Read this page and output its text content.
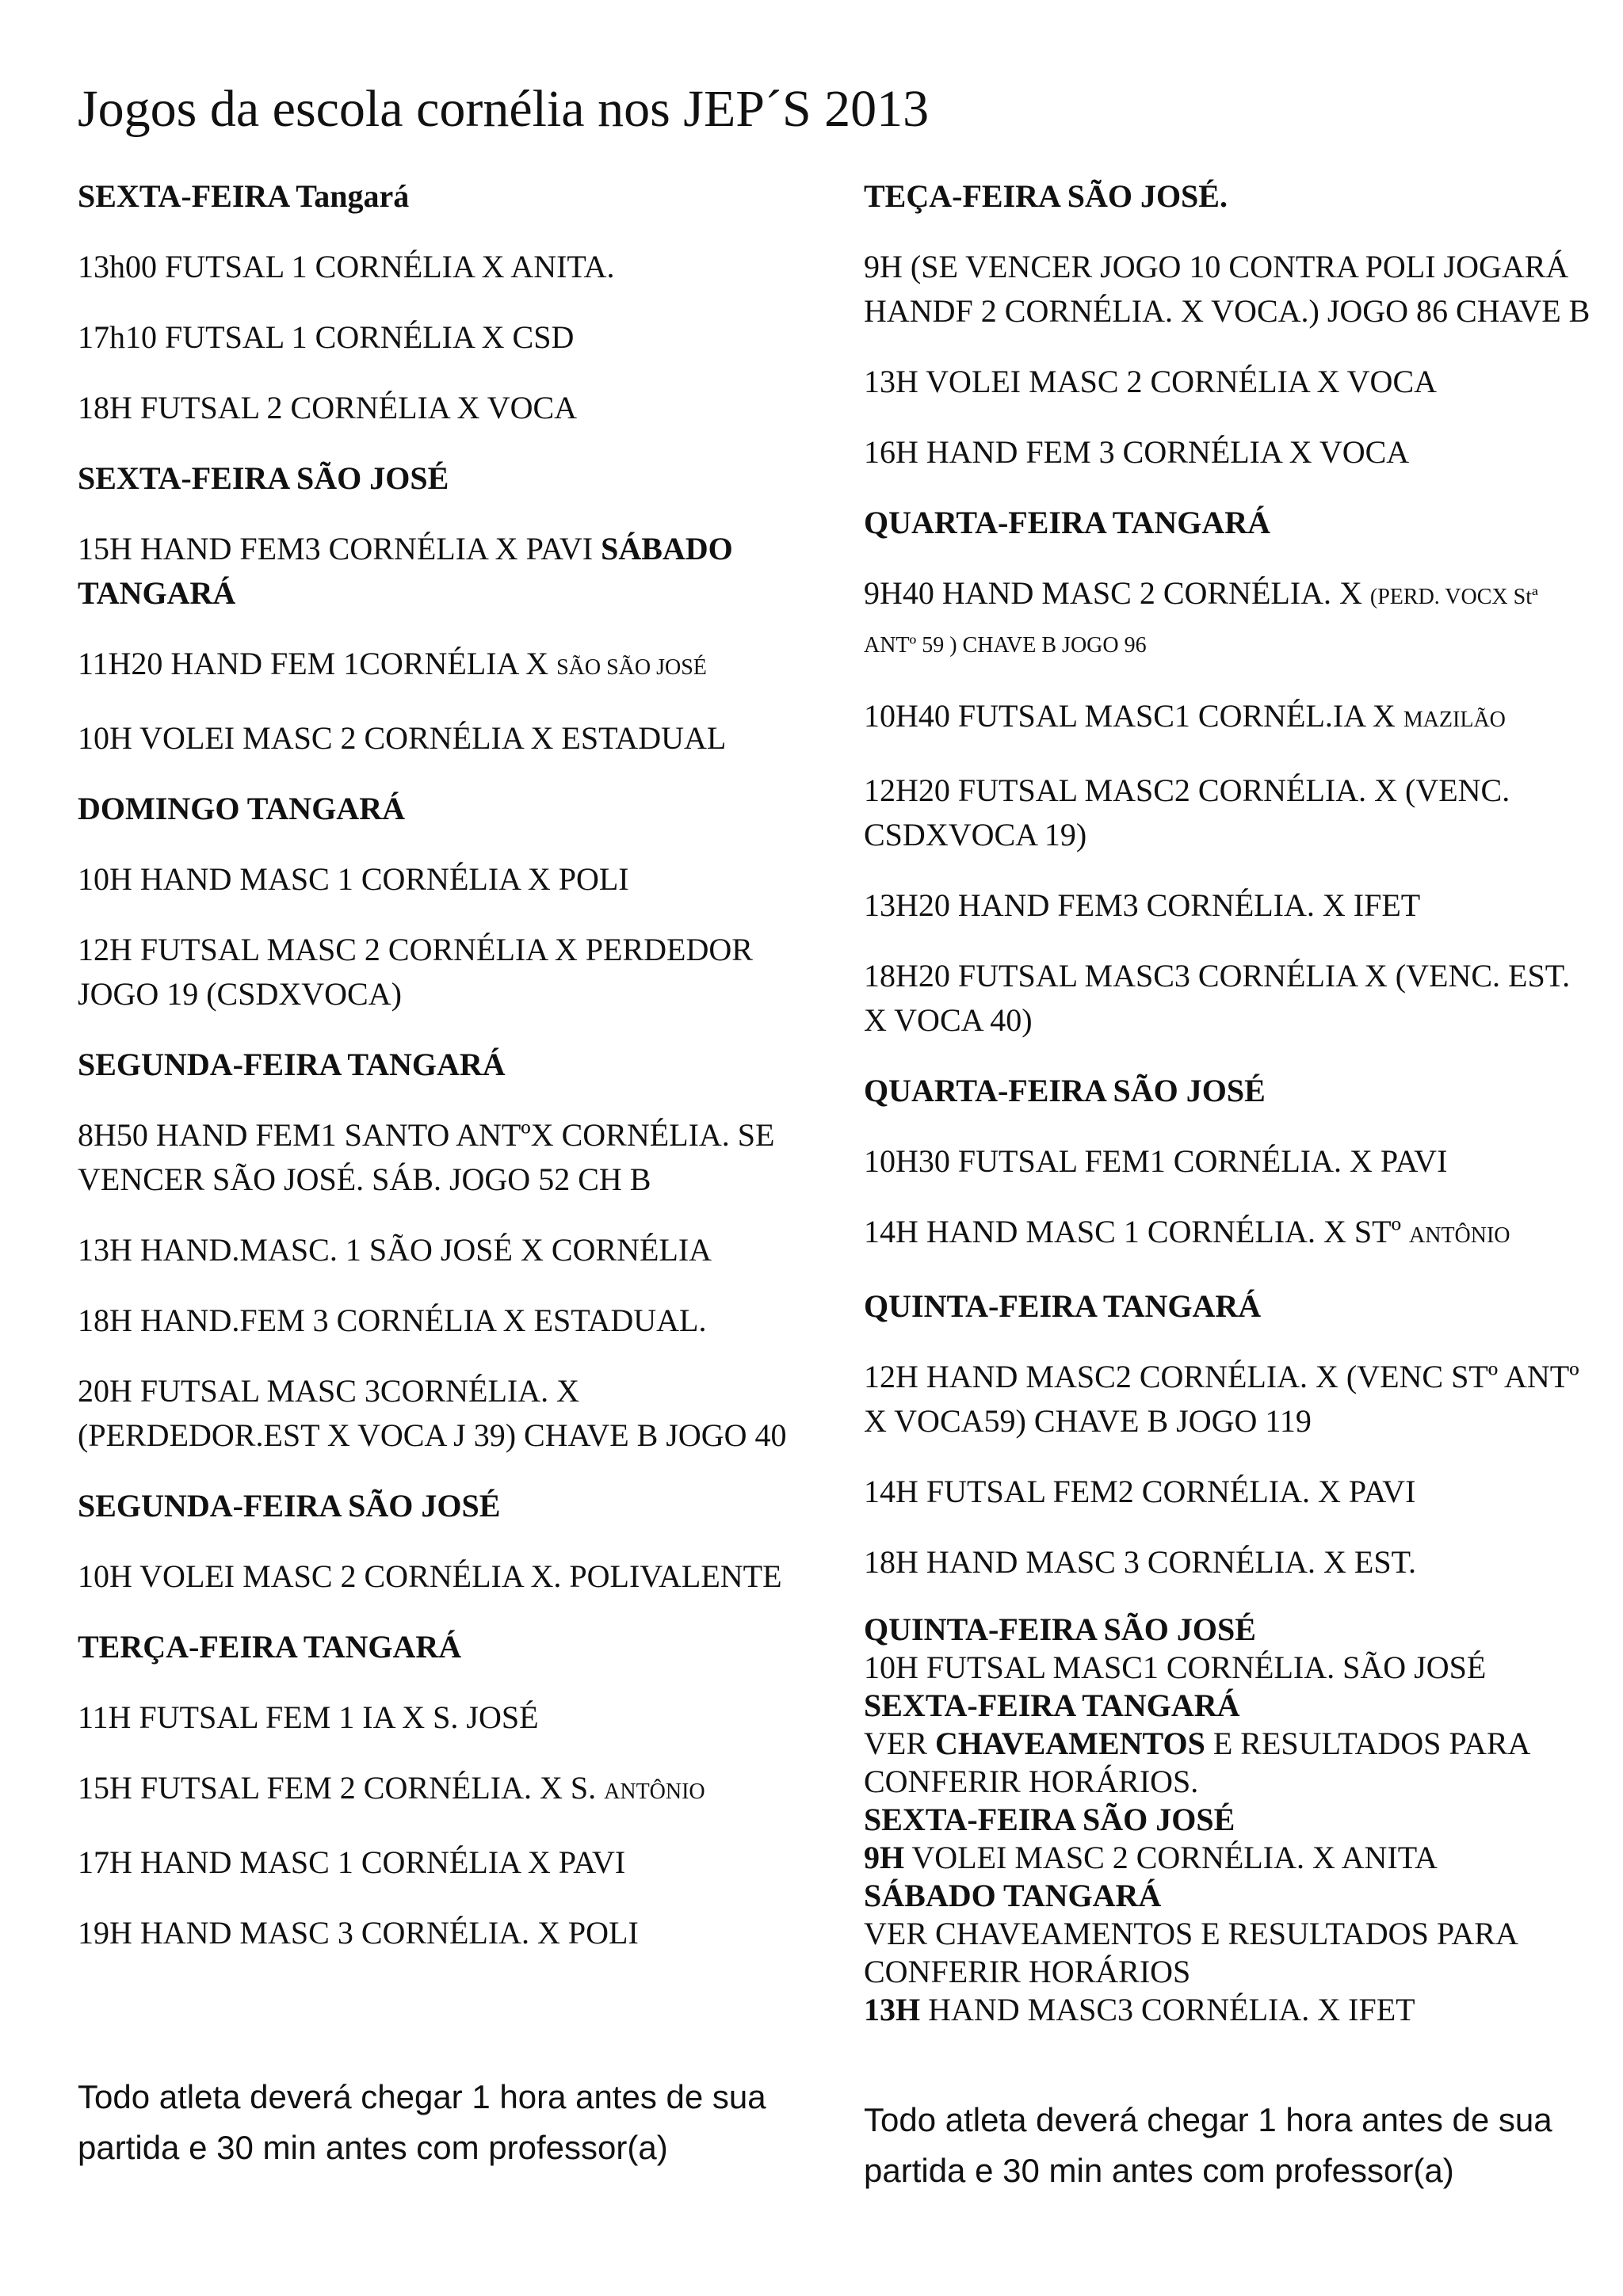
Jogos da escola cornélia nos JEP´S 2013

SEXTA-FEIRA Tangará

13h00 FUTSAL 1 CORNÉLIA X ANITA.

17h10 FUTSAL 1 CORNÉLIA X CSD

18H FUTSAL 2 CORNÉLIA X VOCA

SEXTA-FEIRA SÃO JOSÉ

15H HAND FEM3 CORNÉLIA X PAVI SÁBADO TANGARÁ

11H20 HAND FEM 1CORNÉLIA X SÃO SÃO JOSÉ

10H VOLEI MASC 2 CORNÉLIA X ESTADUAL

DOMINGO TANGARÁ

10H HAND MASC 1 CORNÉLIA X POLI

12H FUTSAL MASC 2 CORNÉLIA X PERDEDOR JOGO 19 (CSDXVOCA)

SEGUNDA-FEIRA TANGARÁ

8H50 HAND FEM1 SANTO ANTºX CORNÉLIA. SE VENCER SÃO JOSÉ. SÁB. JOGO 52 CH B

13H HAND.MASC. 1 SÃO JOSÉ X CORNÉLIA

18H HAND.FEM 3 CORNÉLIA X ESTADUAL.

20H FUTSAL MASC 3CORNÉLIA. X (PERDEDOR.EST X VOCA J 39) CHAVE B JOGO 40

SEGUNDA-FEIRA SÃO JOSÉ

10H VOLEI MASC 2 CORNÉLIA X. POLIVALENTE

TERÇA-FEIRA TANGARÁ

11H FUTSAL FEM 1 IA X S. JOSÉ

15H FUTSAL FEM 2 CORNÉLIA. X S. ANTÔNIO

17H HAND MASC 1 CORNÉLIA X PAVI

19H HAND MASC 3 CORNÉLIA. X POLI

Todo atleta deverá chegar 1 hora antes de sua partida e 30 min antes com professor(a)

TEÇA-FEIRA SÃO JOSÉ.

9H (SE VENCER JOGO 10 CONTRA POLI JOGARÁ HANDF 2 CORNÉLIA. X VOCA.) JOGO 86 CHAVE B

13H VOLEI MASC 2 CORNÉLIA X VOCA

16H HAND FEM 3 CORNÉLIA X VOCA

QUARTA-FEIRA TANGARÁ

9H40 HAND MASC 2 CORNÉLIA. X (PERD. VOCX Stª ANTº 59 ) CHAVE B JOGO 96

10H40 FUTSAL MASC1 CORNÉL.IA X MAZILÃO

12H20 FUTSAL MASC2 CORNÉLIA. X (VENC. CSDXVOCA 19)

13H20 HAND FEM3 CORNÉLIA. X IFET

18H20 FUTSAL MASC3 CORNÉLIA X (VENC. EST. X VOCA 40)

QUARTA-FEIRA SÃO JOSÉ

10H30 FUTSAL FEM1 CORNÉLIA. X PAVI

14H HAND MASC 1 CORNÉLIA. X STº ANTÔNIO

QUINTA-FEIRA TANGARÁ

12H HAND MASC2 CORNÉLIA. X (VENC STº ANTº X VOCA59) CHAVE B JOGO 119

14H FUTSAL FEM2 CORNÉLIA. X PAVI

18H HAND MASC 3 CORNÉLIA. X EST.

QUINTA-FEIRA SÃO JOSÉ

10H FUTSAL MASC1 CORNÉLIA. SÃO JOSÉ

SEXTA-FEIRA TANGARÁ

VER CHAVEAMENTOS E RESULTADOS PARA CONFERIR HORÁRIOS.

SEXTA-FEIRA SÃO JOSÉ

9H VOLEI MASC 2 CORNÉLIA. X ANITA

SÁBADO TANGARÁ

VER CHAVEAMENTOS E RESULTADOS PARA CONFERIR HORÁRIOS

13H HAND MASC3 CORNÉLIA. X IFET

Todo atleta deverá chegar 1 hora antes de sua partida e 30 min antes com professor(a)
